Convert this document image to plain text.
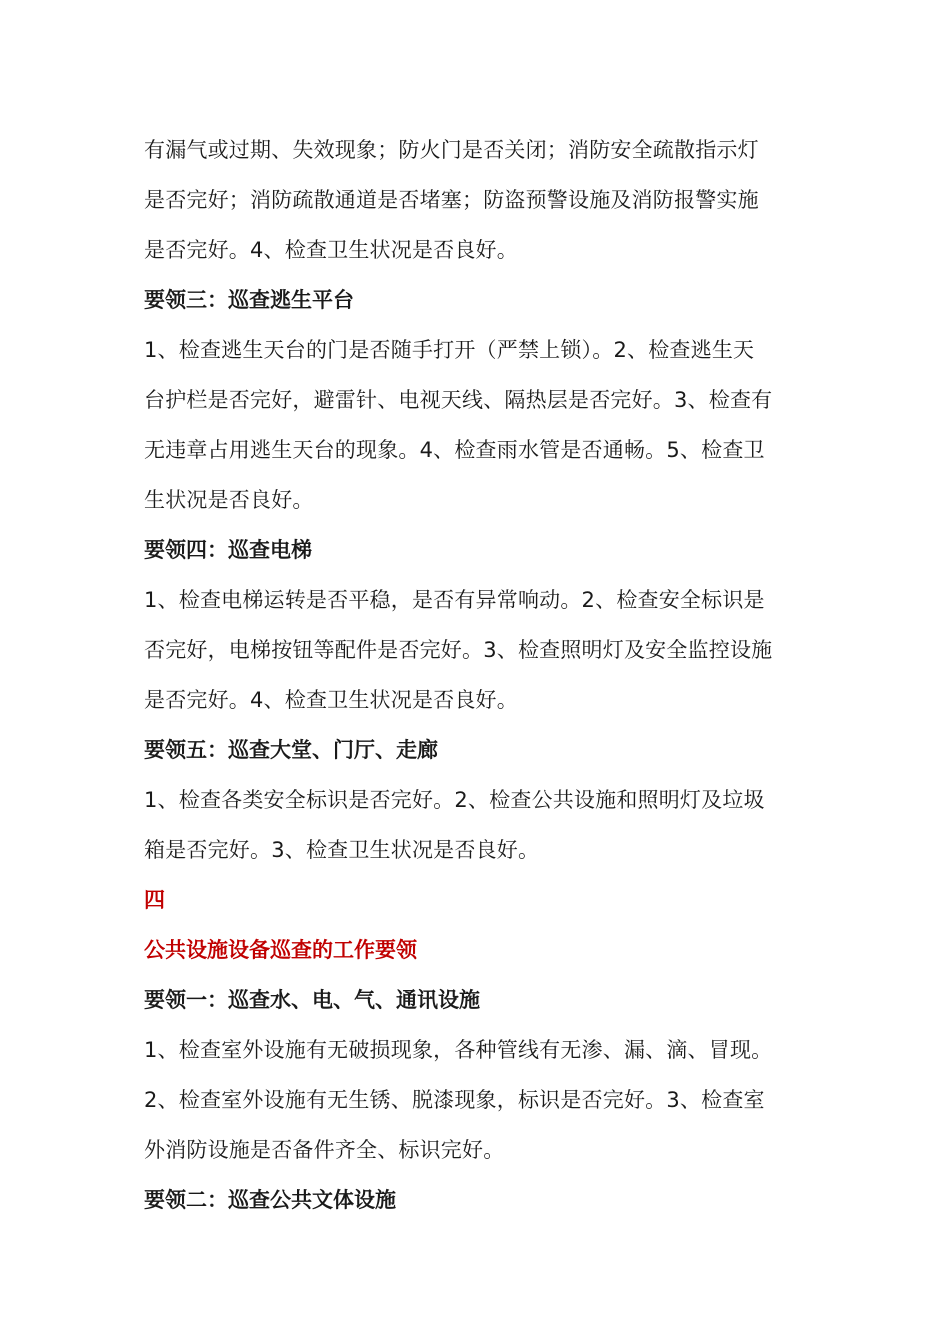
有漏气或过期、失效现象；防火门是否关闭；消防安全疏散指示灯
是否完好；消防疏散通道是否堵塞；防盗预警设施及消防报警实施
是否完好。4、检查卫生状况是否良好。
要领三：巡查逃生平台
1、检查逃生天台的门是否随手打开（严禁上锁）。2、检查逃生天
台护栏是否完好，避雷针、电视天线、隔热层是否完好。3、检查有
无违章占用逃生天台的现象。4、检查雨水管是否通畅。5、检查卫
生状况是否良好。
要领四：巡查电梯
1、检查电梯运转是否平稳，是否有异常响动。2、检查安全标识是
否完好，电梯按钮等配件是否完好。3、检查照明灯及安全监控设施
是否完好。4、检查卫生状况是否良好。
要领五：巡查大堂、门厅、走廊
1、检查各类安全标识是否完好。2、检查公共设施和照明灯及垃圾
箱是否完好。3、检查卫生状况是否良好。
四
公共设施设备巡查的工作要领
要领一：巡查水、电、气、通讯设施
1、检查室外设施有无破损现象，各种管线有无渗、漏、滴、冒现。
2、检查室外设施有无生锈、脱漆现象，标识是否完好。3、检查室
外消防设施是否备件齐全、标识完好。
要领二：巡查公共文体设施
